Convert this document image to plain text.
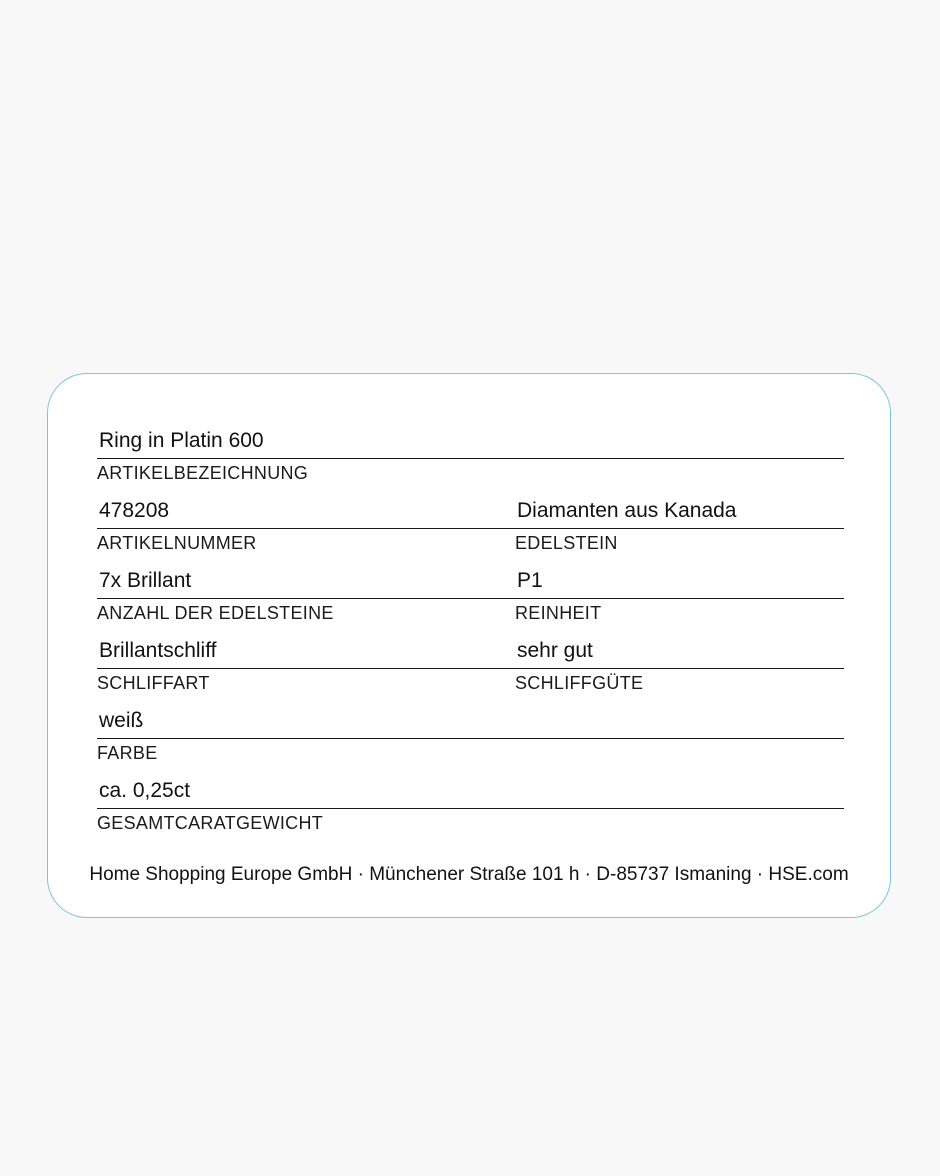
Ring in Platin 600
ARTIKELBEZEICHNUNG
478208
ARTIKELNUMMER
Diamanten aus Kanada
EDELSTEIN
7x Brillant
ANZAHL DER EDELSTEINE
P1
REINHEIT
Brillantschliff
SCHLIFFART
sehr gut
SCHLIFFGÜTE
weiß
FARBE
ca. 0,25ct
GESAMTCARATGEWICHT
Home Shopping Europe GmbH · Münchener Straße 101 h · D-85737 Ismaning · HSE.com
